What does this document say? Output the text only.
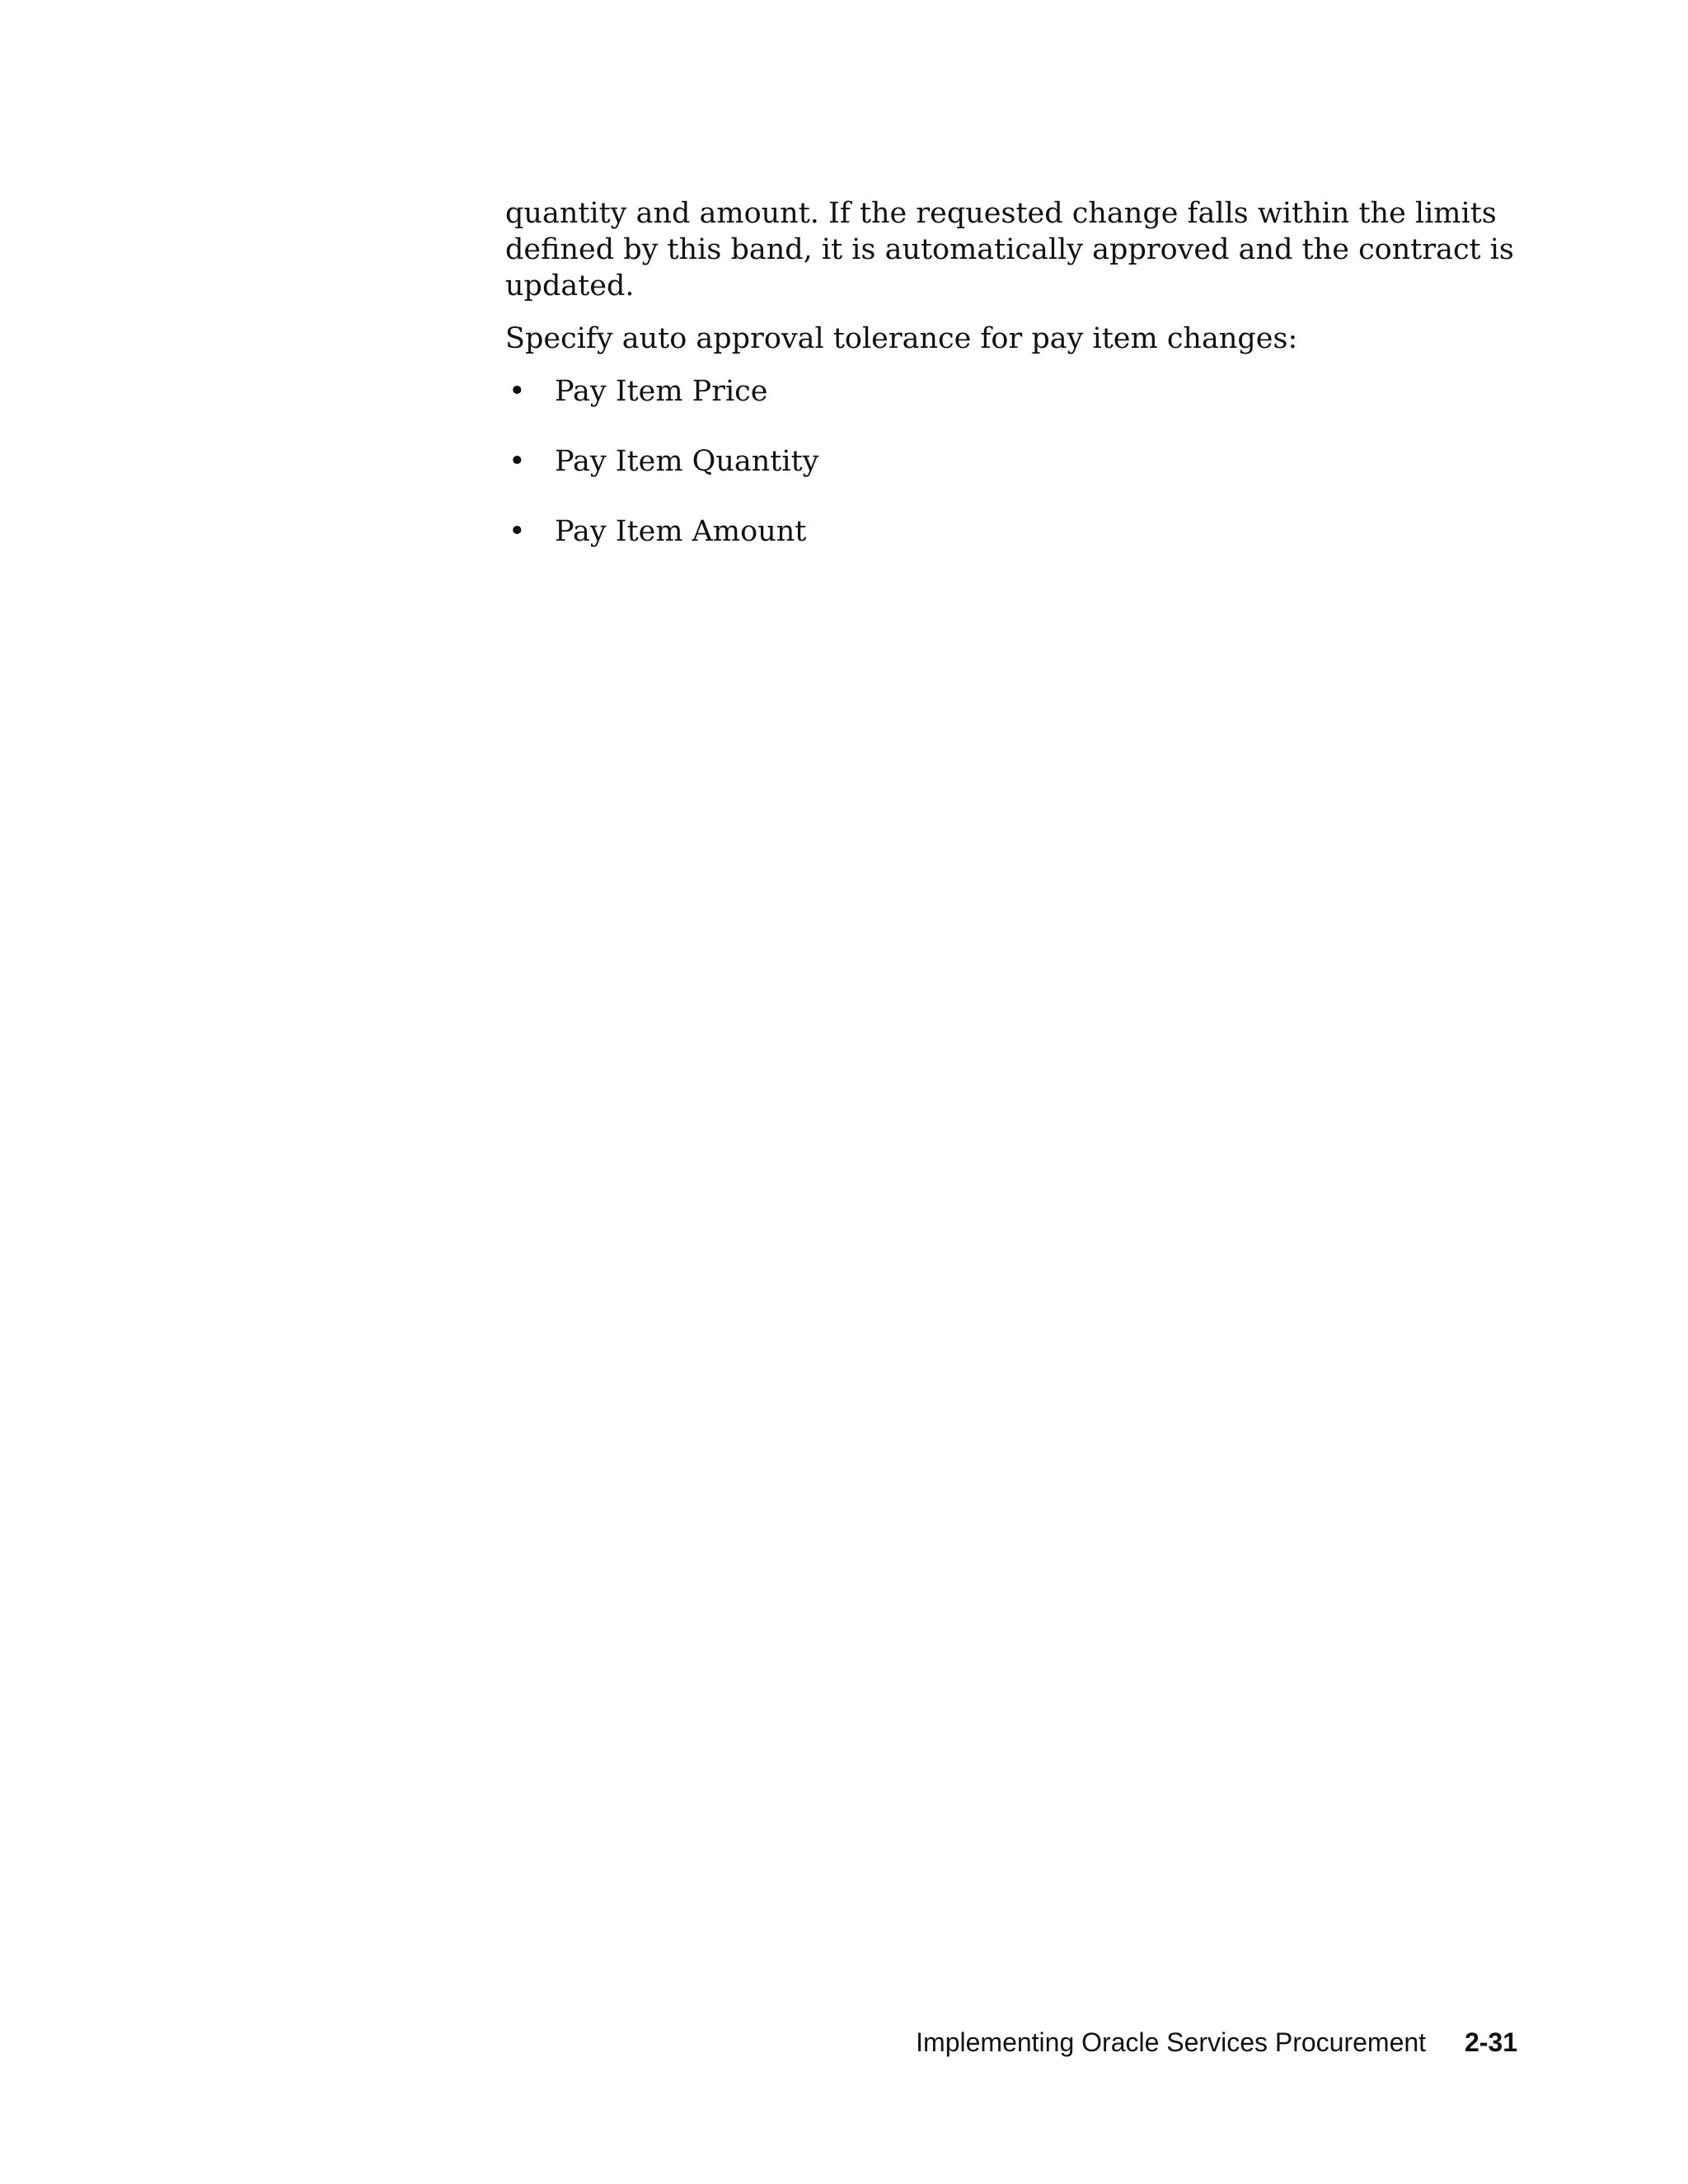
quantity and amount. If the requested change falls within the limits defined by this band, it is automatically approved and the contract is updated.

Specify auto approval tolerance for pay item changes:

• Pay Item Price
• Pay Item Quantity
• Pay Item Amount
Implementing Oracle Services Procurement 2-31
